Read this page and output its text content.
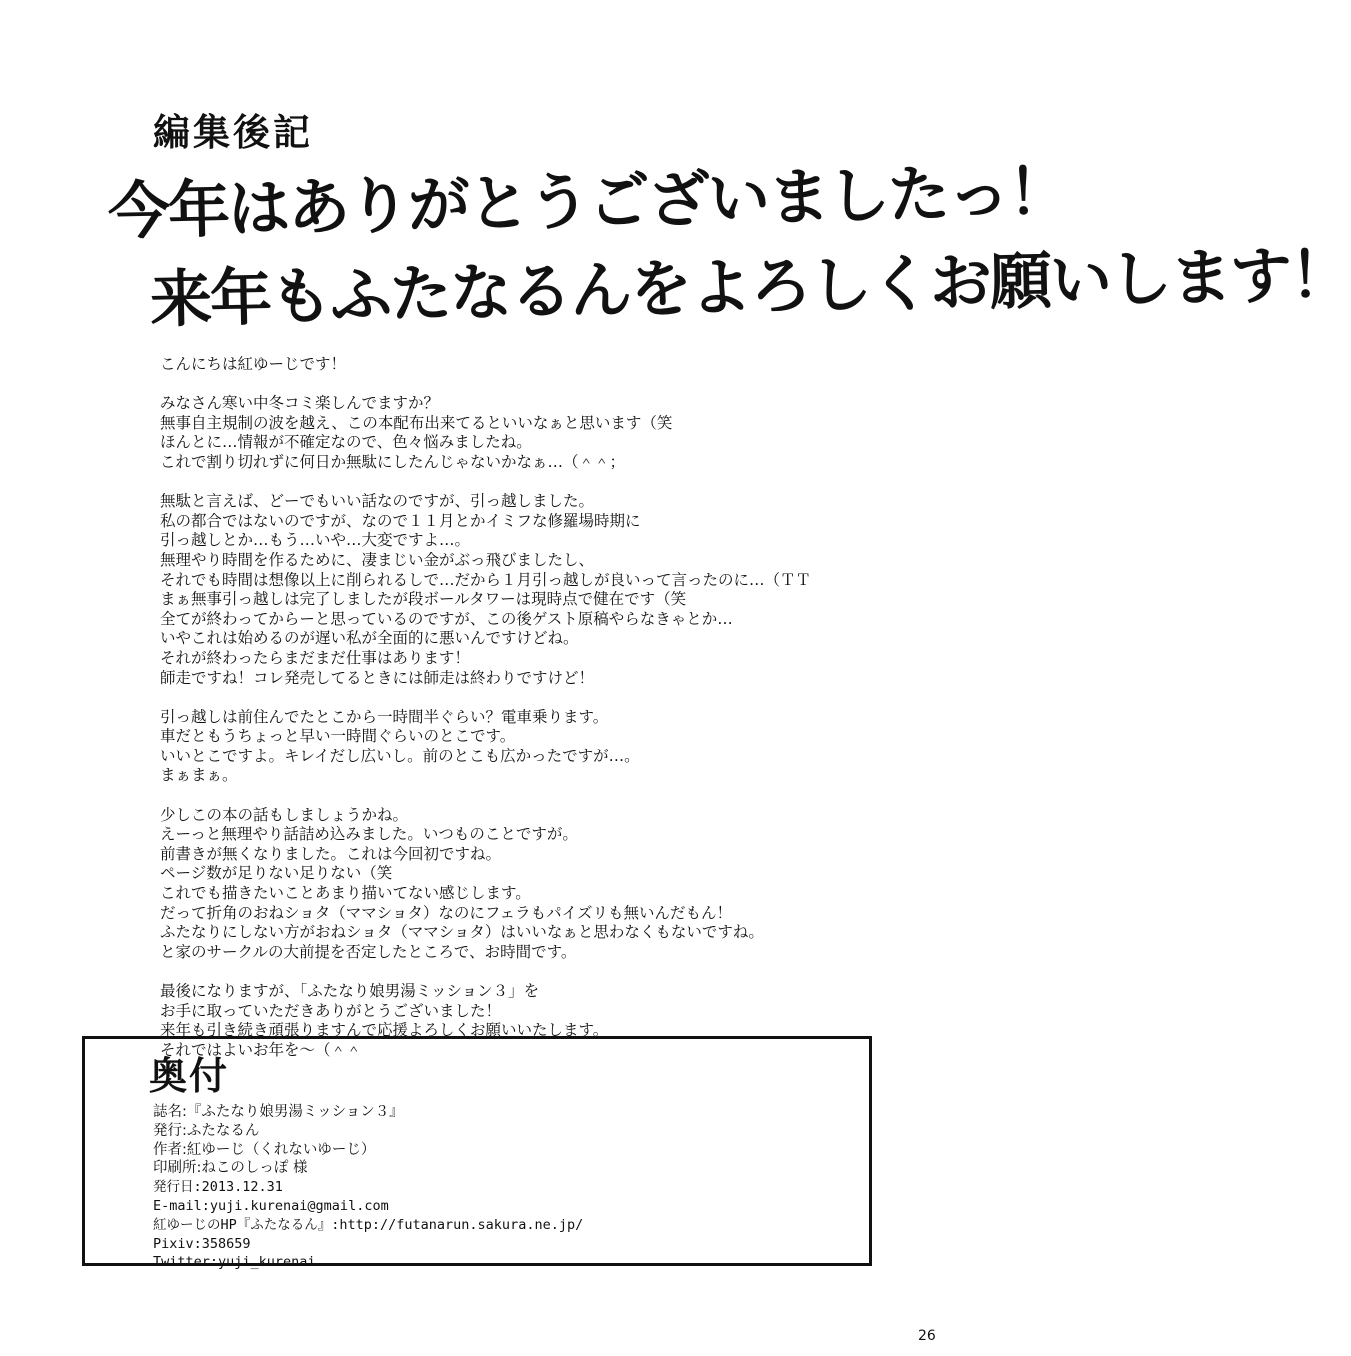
編集後記
今年はありがとうございましたっ！
来年もふたなるんをよろしくお願いします！

こんにちは紅ゆーじです！

みなさん寒い中冬コミ楽しんでますか？
無事自主規制の波を越え、この本配布出来てるといいなぁと思います（笑
ほんとに…情報が不確定なので、色々悩みましたね。
これで割り切れずに何日か無駄にしたんじゃないかなぁ…（＾＾；

無駄と言えば、どーでもいい話なのですが、引っ越しました。
私の都合ではないのですが、なので１１月とかイミフな修羅場時期に
引っ越しとか…もう…いや…大変ですよ…。
無理やり時間を作るために、凄まじい金がぶっ飛びましたし、
それでも時間は想像以上に削られるしで…だから１月引っ越しが良いって言ったのに…（ＴＴ
まぁ無事引っ越しは完了しましたが段ボールタワーは現時点で健在です（笑
全てが終わってからーと思っているのですが、この後ゲスト原稿やらなきゃとか…
いやこれは始めるのが遅い私が全面的に悪いんですけどね。
それが終わったらまだまだ仕事はあります！
師走ですね！コレ発売してるときには師走は終わりですけど！

引っ越しは前住んでたとこから一時間半ぐらい？電車乗ります。
車だともうちょっと早い一時間ぐらいのとこです。
いいとこですよ。キレイだし広いし。前のとこも広かったですが…。
まぁまぁ。

少しこの本の話もしましょうかね。
えーっと無理やり話詰め込みました。いつものことですが。
前書きが無くなりました。これは今回初ですね。
ページ数が足りない足りない（笑
これでも描きたいことあまり描いてない感じします。
だって折角のおねショタ（ママショタ）なのにフェラもパイズリも無いんだもん！
ふたなりにしない方がおねショタ（ママショタ）はいいなぁと思わなくもないですね。
と家のサークルの大前提を否定したところで、お時間です。

最後になりますが、「ふたなり娘男湯ミッション３」を
お手に取っていただきありがとうございました！
来年も引き続き頑張りますんで応援よろしくお願いいたします。
それではよいお年を～（＾＾

奥付
誌名:『ふたなり娘男湯ミッション３』
発行:ふたなるん
作者:紅ゆーじ（くれないゆーじ）
印刷所:ねこのしっぽ 様
発行日:2013.12.31
E-mail:yuji.kurenai@gmail.com
紅ゆーじのHP『ふたなるん』:http://futanarun.sakura.ne.jp/
Pixiv:358659
Twitter:yuji_kurenai
26
